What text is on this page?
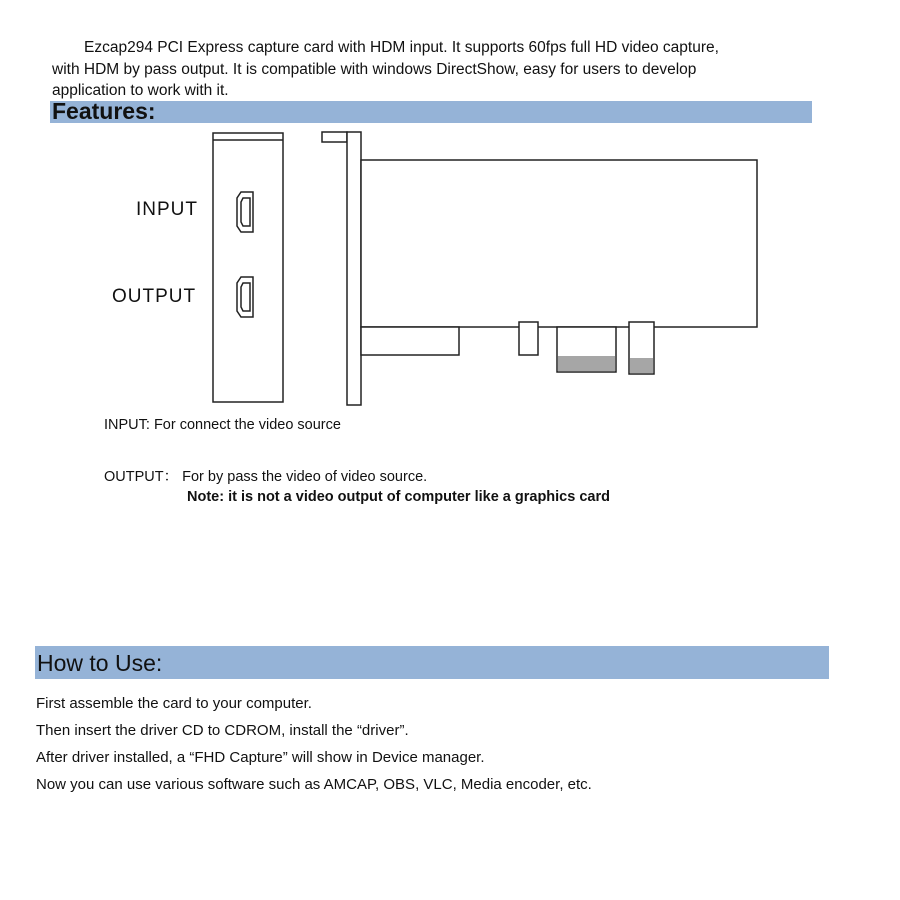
Ezcap294 PCI Express capture card with HDM input. It supports 60fps full HD video capture,
with HDM by pass output. It is compatible with windows DirectShow, easy for users to develop
application to work with it.
Features:
INPUT
OUTPUT
INPUT: For connect the video source
OUTPUT： For by pass the video of video source.
Note: it is not a video output of computer like a graphics card
How to Use:
First assemble the card to your computer.
Then insert the driver CD to CDROM, install the “driver”.
After driver installed, a “FHD Capture” will show in Device manager.
Now you can use various software such as AMCAP, OBS, VLC, Media encoder, etc.
